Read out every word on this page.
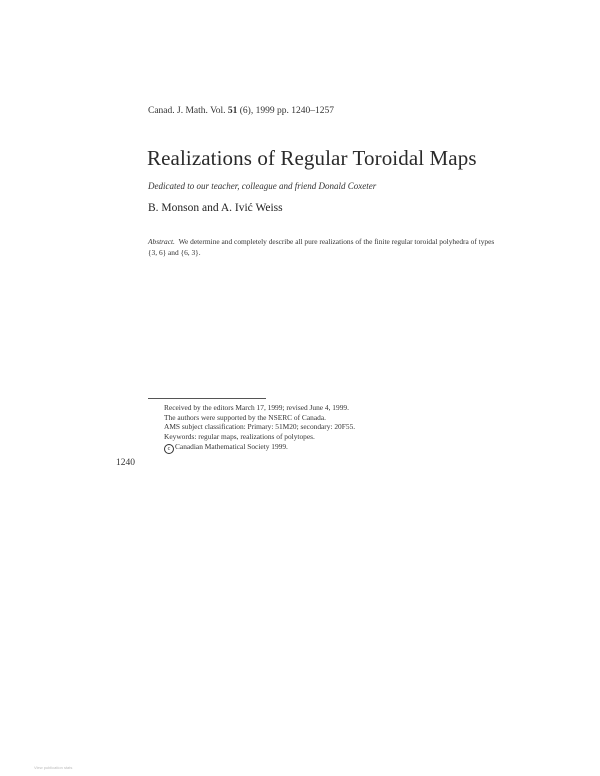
Canad. J. Math. Vol. 51 (6), 1999 pp. 1240–1257
Realizations of Regular Toroidal Maps
Dedicated to our teacher, colleague and friend Donald Coxeter
B. Monson and A. Ivić Weiss
Abstract. We determine and completely describe all pure realizations of the finite regular toroidal polyhedra of types {3, 6} and {6, 3}.
Received by the editors March 17, 1999; revised June 4, 1999.
The authors were supported by the NSERC of Canada.
AMS subject classification: Primary: 51M20; secondary: 20F55.
Keywords: regular maps, realizations of polytopes.
c Canadian Mathematical Society 1999.
1240
View publication stats
